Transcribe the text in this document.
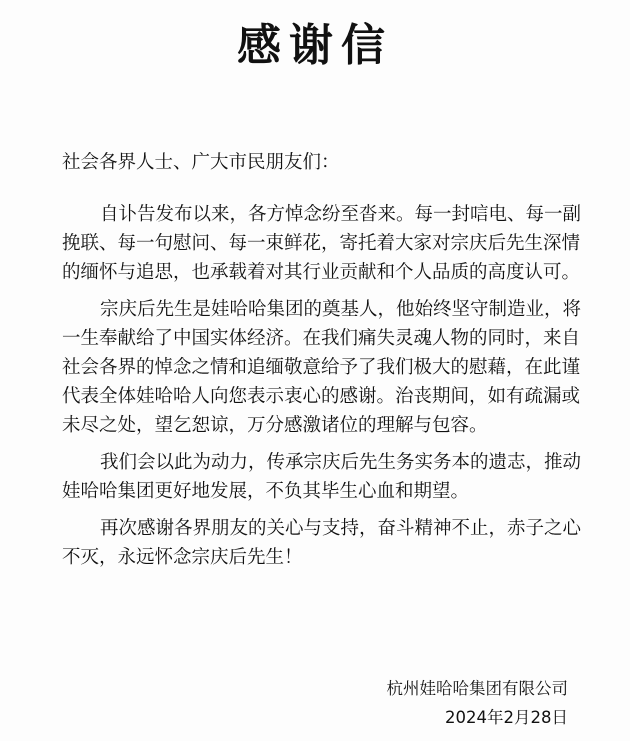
感谢信
社会各界人士、广大市民朋友们：
自讣告发布以来，各方悼念纷至沓来。每一封唁电、每一副
挽联、每一句慰问、每一束鲜花，寄托着大家对宗庆后先生深情
的缅怀与追思，也承载着对其行业贡献和个人品质的高度认可。
宗庆后先生是娃哈哈集团的奠基人，他始终坚守制造业，将
一生奉献给了中国实体经济。在我们痛失灵魂人物的同时，来自
社会各界的悼念之情和追缅敬意给予了我们极大的慰藉，在此谨
代表全体娃哈哈人向您表示衷心的感谢。治丧期间，如有疏漏或
未尽之处，望乞恕谅，万分感激诸位的理解与包容。
我们会以此为动力，传承宗庆后先生务实务本的遗志，推动
娃哈哈集团更好地发展，不负其毕生心血和期望。
再次感谢各界朋友的关心与支持，奋斗精神不止，赤子之心
不灭，永远怀念宗庆后先生！
杭州娃哈哈集团有限公司
2024年2月28日
